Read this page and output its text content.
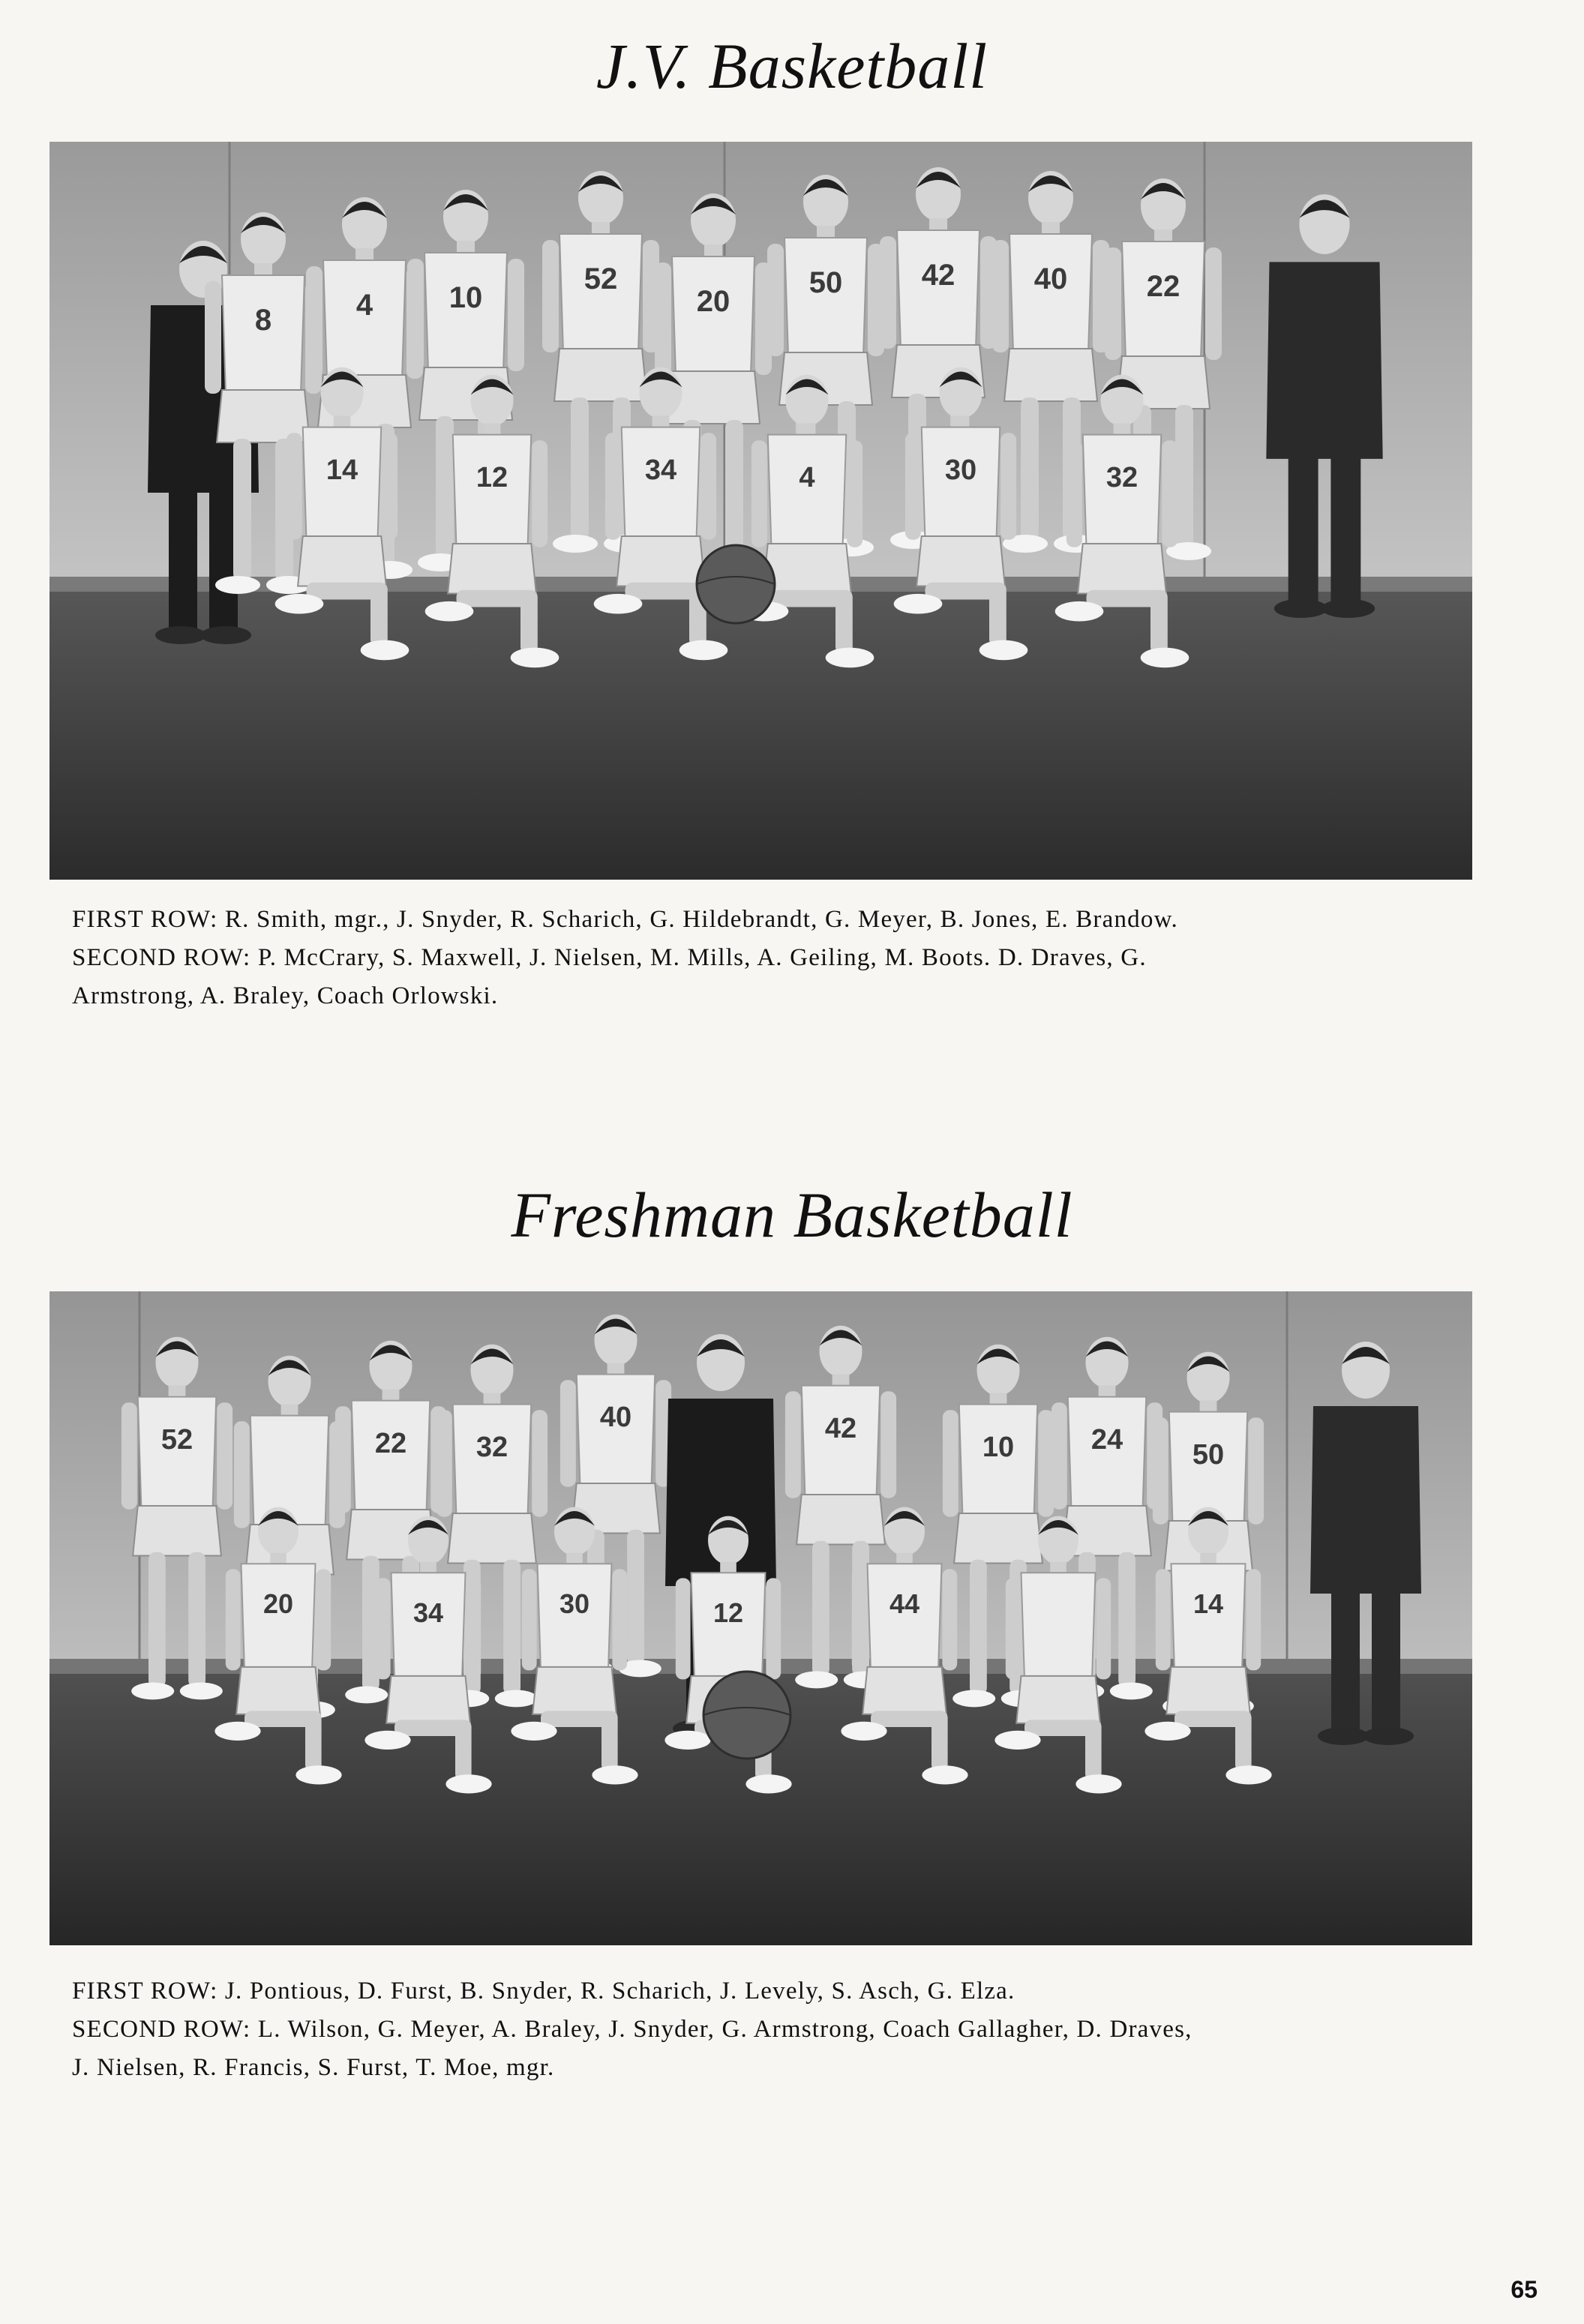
J.V. Basketball
8	4	10
52
20
50	42	40	22
14	12	34	4	30	32
FIRST ROW: R. Smith, mgr., J. Snyder, R. Scharich, G. Hildebrandt, G. Meyer, B. Jones, E. Brandow.
SECOND ROW: P. McCrary, S. Maxwell, J. Nielsen, M. Mills, A. Geiling, M. Boots. D. Draves, G.
Armstrong, A. Braley, Coach Orlowski.
Freshman Basketball
52	22 32
40	42
10	24 50
20	34	30	12	44	14
FIRST ROW: J. Pontious, D. Furst, B. Snyder, R. Scharich, J. Levely, S. Asch, G. Elza.
SECOND ROW: L. Wilson, G. Meyer, A. Braley, J. Snyder, G. Armstrong, Coach Gallagher, D. Draves,
J. Nielsen, R. Francis, S. Furst, T. Moe, mgr.
65
